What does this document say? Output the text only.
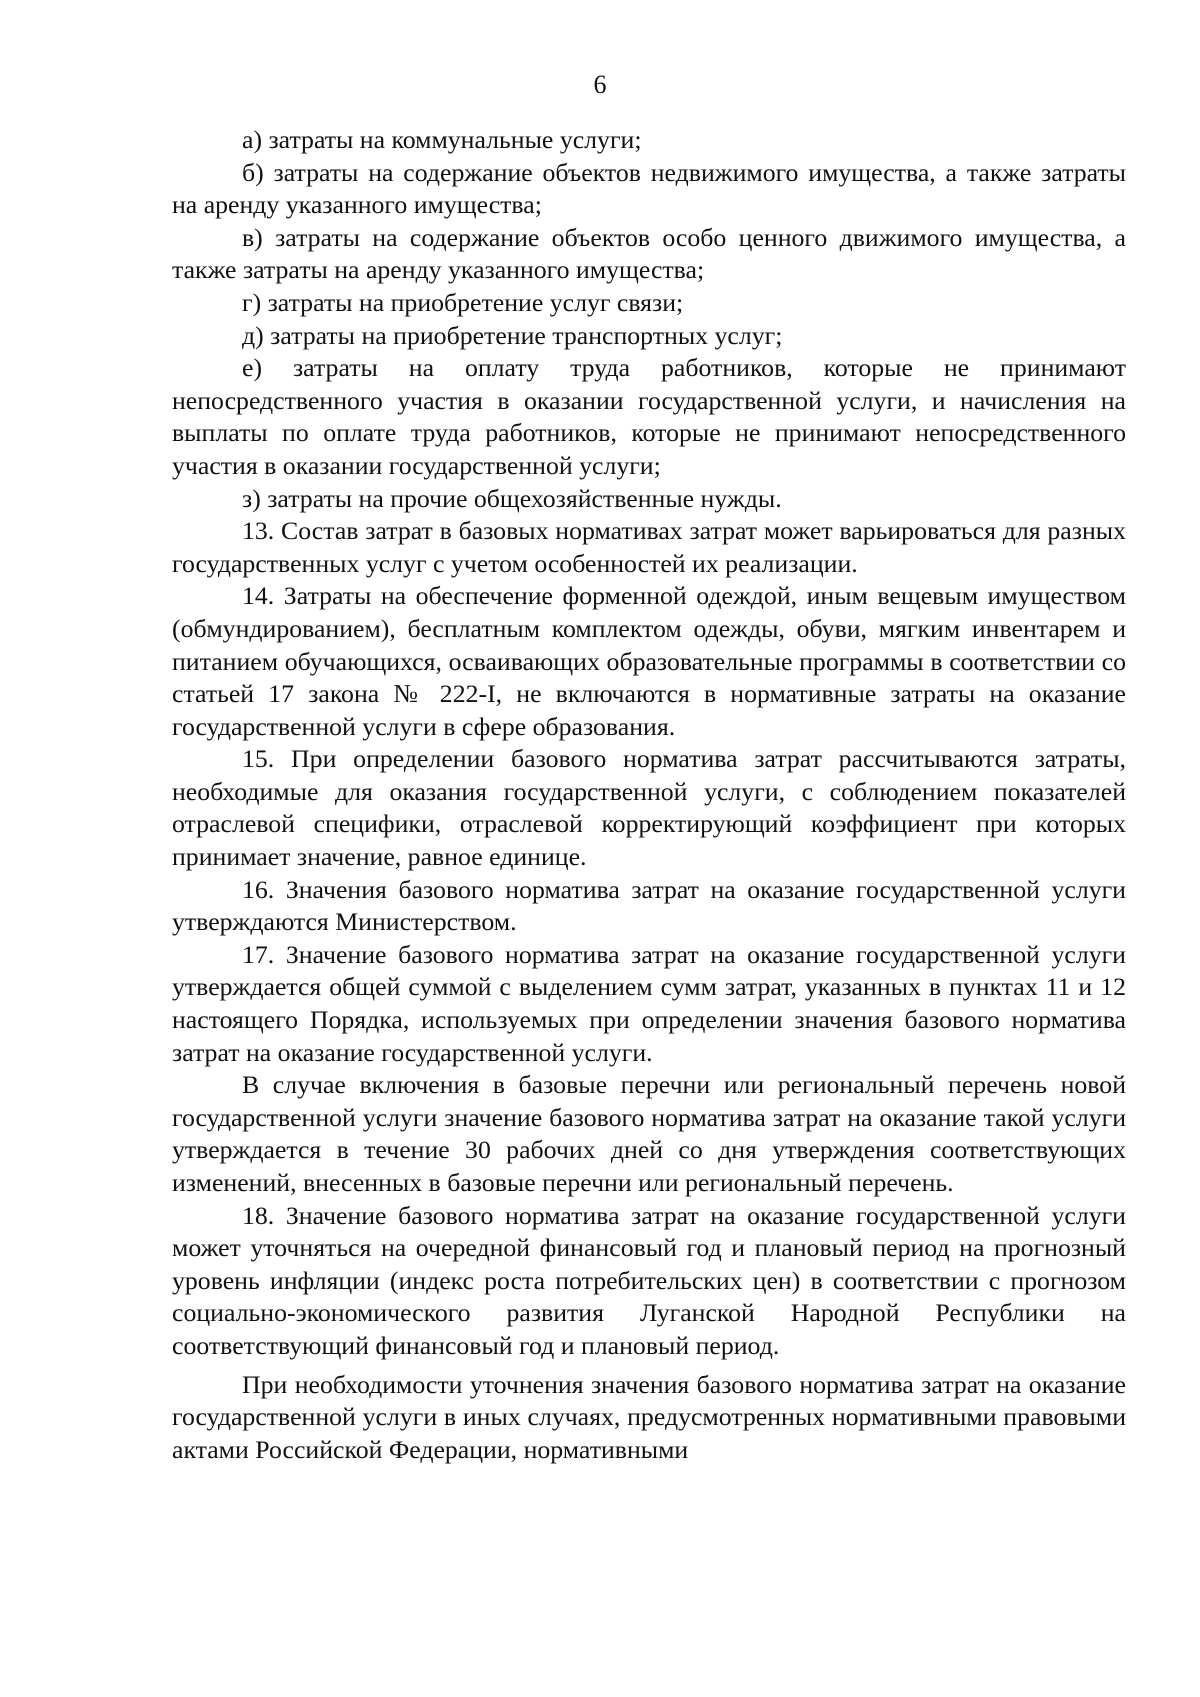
6

а) затраты на коммунальные услуги;

б) затраты на содержание объектов недвижимого имущества, а также затраты на аренду указанного имущества;

в) затраты на содержание объектов особо ценного движимого имущества, а также затраты на аренду указанного имущества;

г) затраты на приобретение услуг связи;

д) затраты на приобретение транспортных услуг;

е) затраты на оплату труда работников, которые не принимают непосредственного участия в оказании государственной услуги, и начисления на выплаты по оплате труда работников, которые не принимают непосредственного участия в оказании государственной услуги;

з) затраты на прочие общехозяйственные нужды.

13. Состав затрат в базовых нормативах затрат может варьироваться для разных государственных услуг с учетом особенностей их реализации.

14. Затраты на обеспечение форменной одеждой, иным вещевым имуществом (обмундированием), бесплатным комплектом одежды, обуви, мягким инвентарем и питанием обучающихся, осваивающих образовательные программы в соответствии со статьей 17 закона № 222-I, не включаются в нормативные затраты на оказание государственной услуги в сфере образования.

15. При определении базового норматива затрат рассчитываются затраты, необходимые для оказания государственной услуги, с соблюдением показателей отраслевой специфики, отраслевой корректирующий коэффициент при которых принимает значение, равное единице.

16. Значения базового норматива затрат на оказание государственной услуги утверждаются Министерством.

17. Значение базового норматива затрат на оказание государственной услуги утверждается общей суммой с выделением сумм затрат, указанных в пунктах 11 и 12 настоящего Порядка, используемых при определении значения базового норматива затрат на оказание государственной услуги.

В случае включения в базовые перечни или региональный перечень новой государственной услуги значение базового норматива затрат на оказание такой услуги утверждается в течение 30 рабочих дней со дня утверждения соответствующих изменений, внесенных в базовые перечни или региональный перечень.

18. Значение базового норматива затрат на оказание государственной услуги может уточняться на очередной финансовый год и плановый период на прогнозный уровень инфляции (индекс роста потребительских цен) в соответствии с прогнозом социально-экономического развития Луганской Народной Республики на соответствующий финансовый год и плановый период.

При необходимости уточнения значения базового норматива затрат на оказание государственной услуги в иных случаях, предусмотренных нормативными правовыми актами Российской Федерации, нормативными
